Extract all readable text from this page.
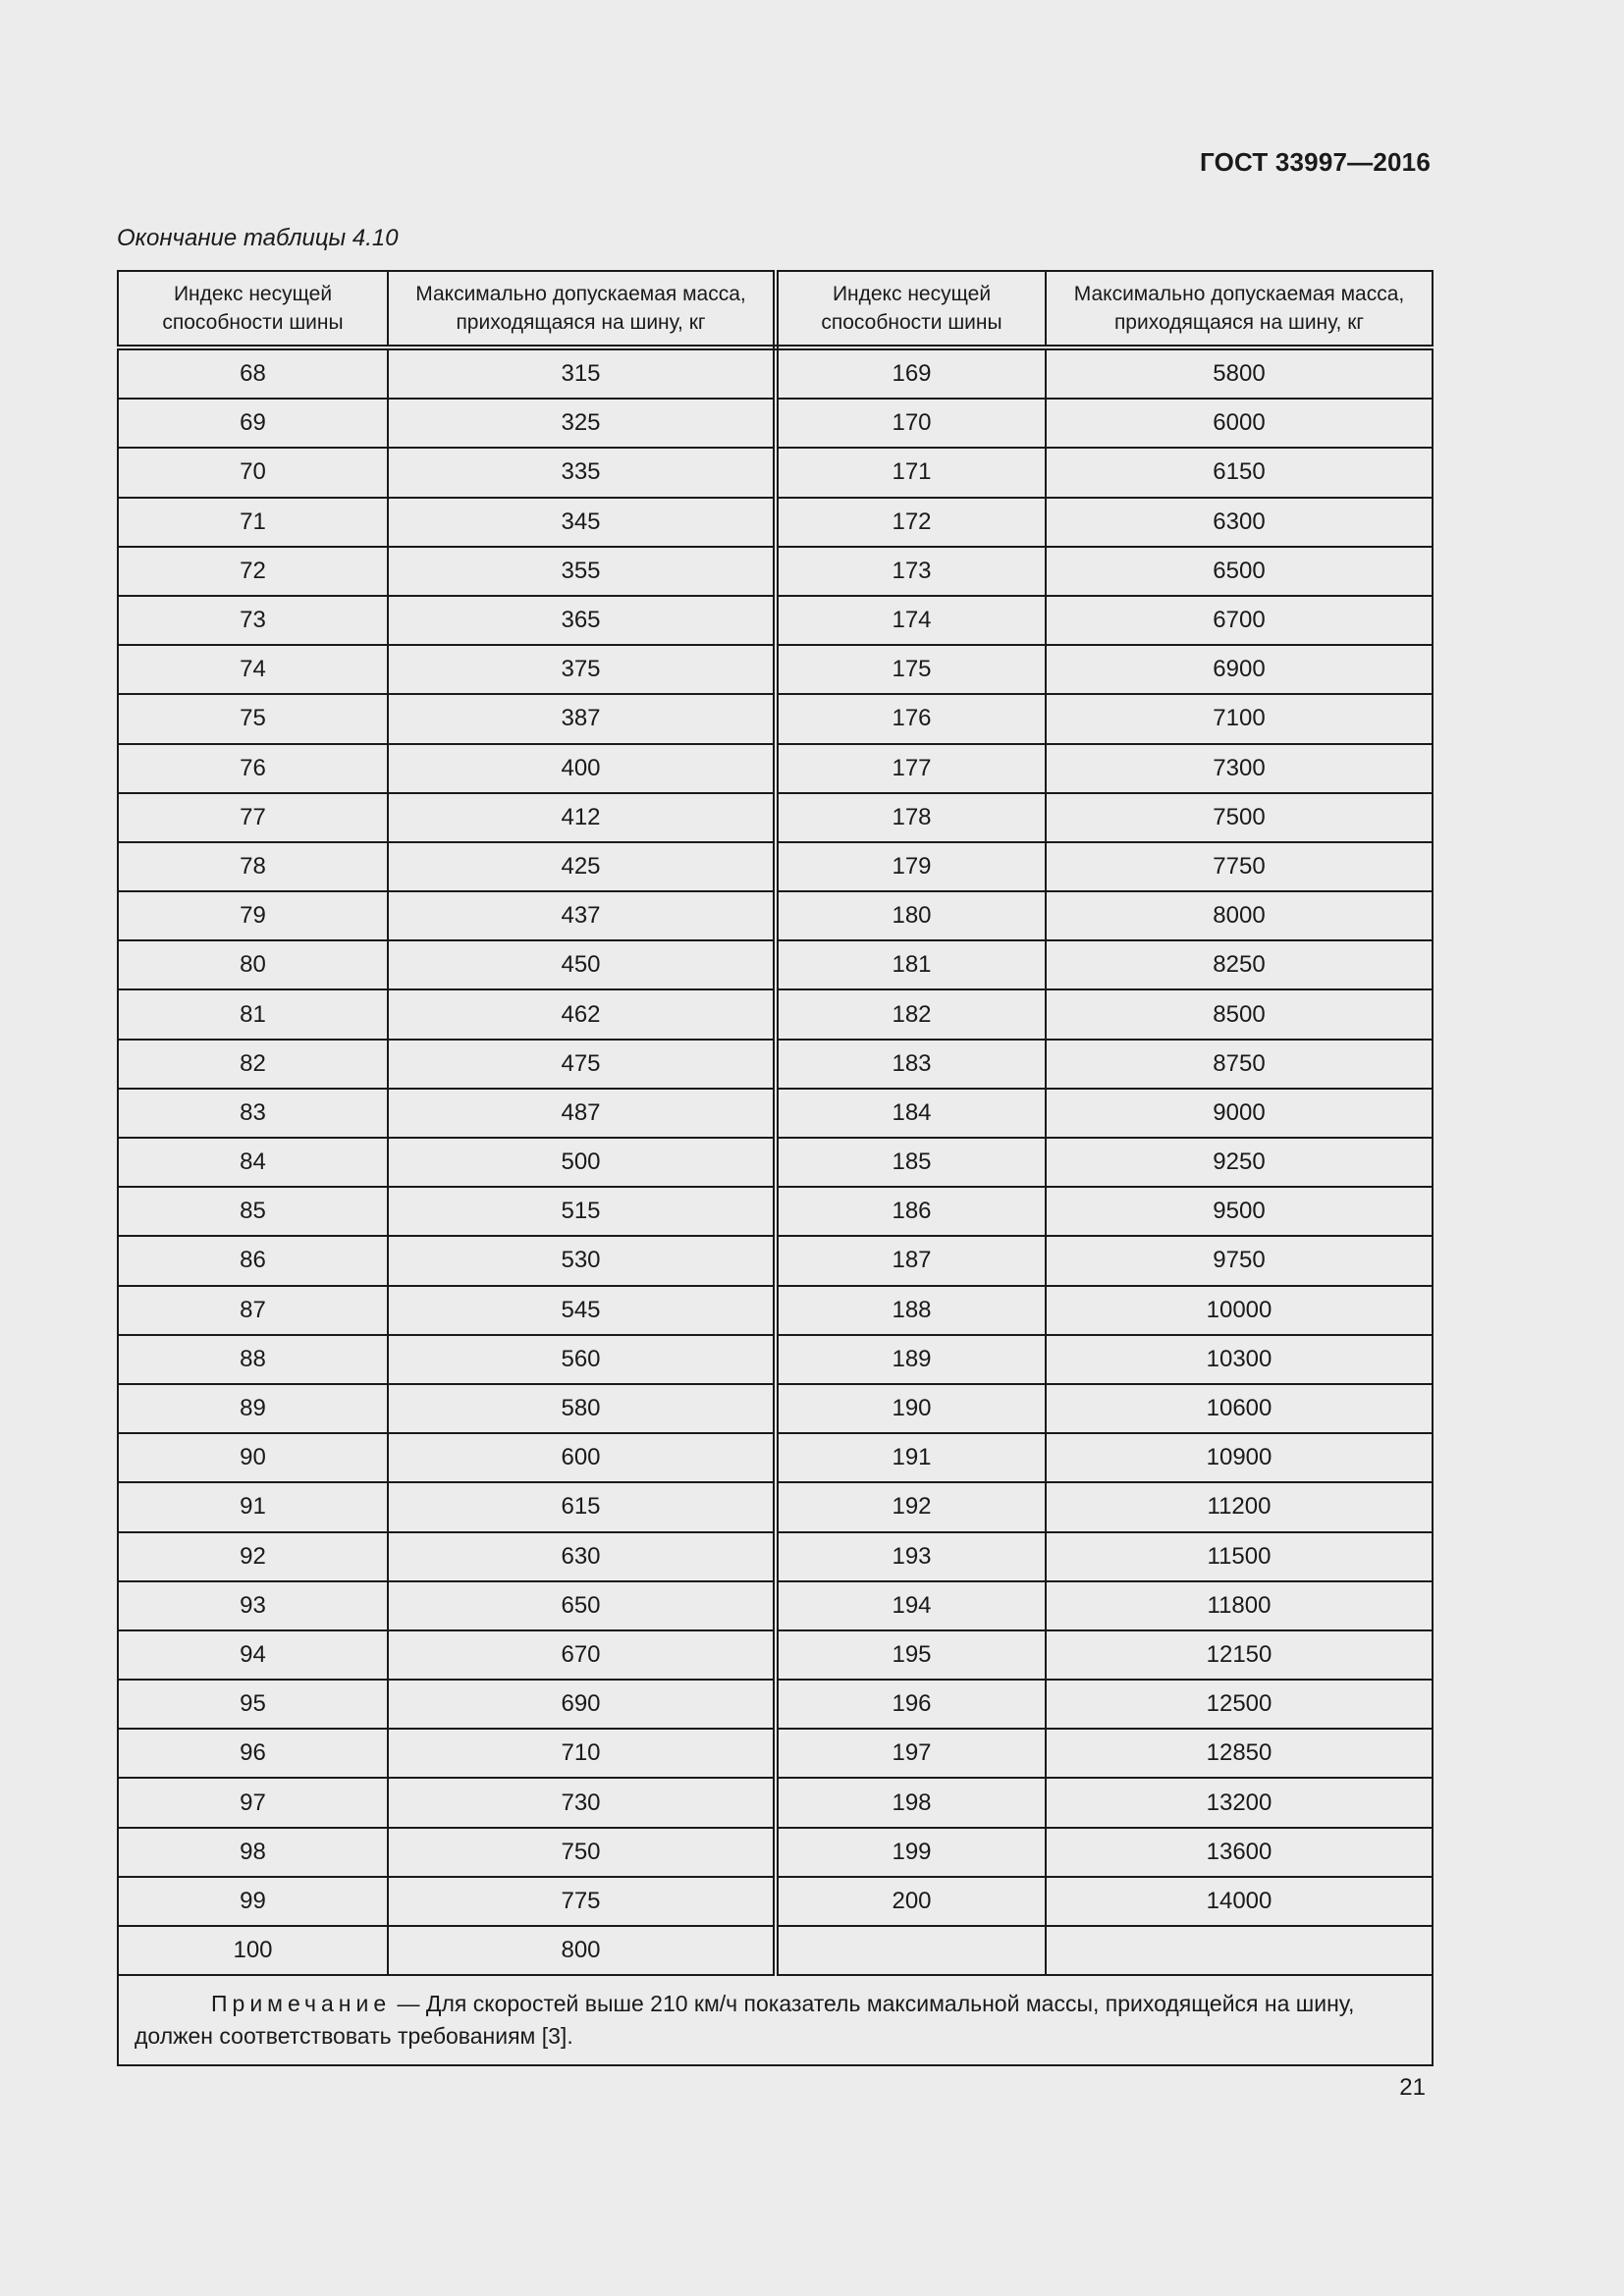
ГОСТ 33997—2016
Окончание таблицы 4.10
Индекс несущей способности шины	Максимально допускаемая масса, приходящаяся на шину, кг	Индекс несущей способности шины	Максимально допускаемая масса, приходящаяся на шину, кг
68	315	169	5800
69	325	170	6000
70	335	171	6150
71	345	172	6300
72	355	173	6500
73	365	174	6700
74	375	175	6900
75	387	176	7100
76	400	177	7300
77	412	178	7500
78	425	179	7750
79	437	180	8000
80	450	181	8250
81	462	182	8500
82	475	183	8750
83	487	184	9000
84	500	185	9250
85	515	186	9500
86	530	187	9750
87	545	188	10000
88	560	189	10300
89	580	190	10600
90	600	191	10900
91	615	192	11200
92	630	193	11500
93	650	194	11800
94	670	195	12150
95	690	196	12500
96	710	197	12850
97	730	198	13200
98	750	199	13600
99	775	200	14000
100	800		
Примечание — Для скоростей выше 210 км/ч показатель максимальной массы, приходящейся на шину, должен соответствовать требованиям [3].			
21
